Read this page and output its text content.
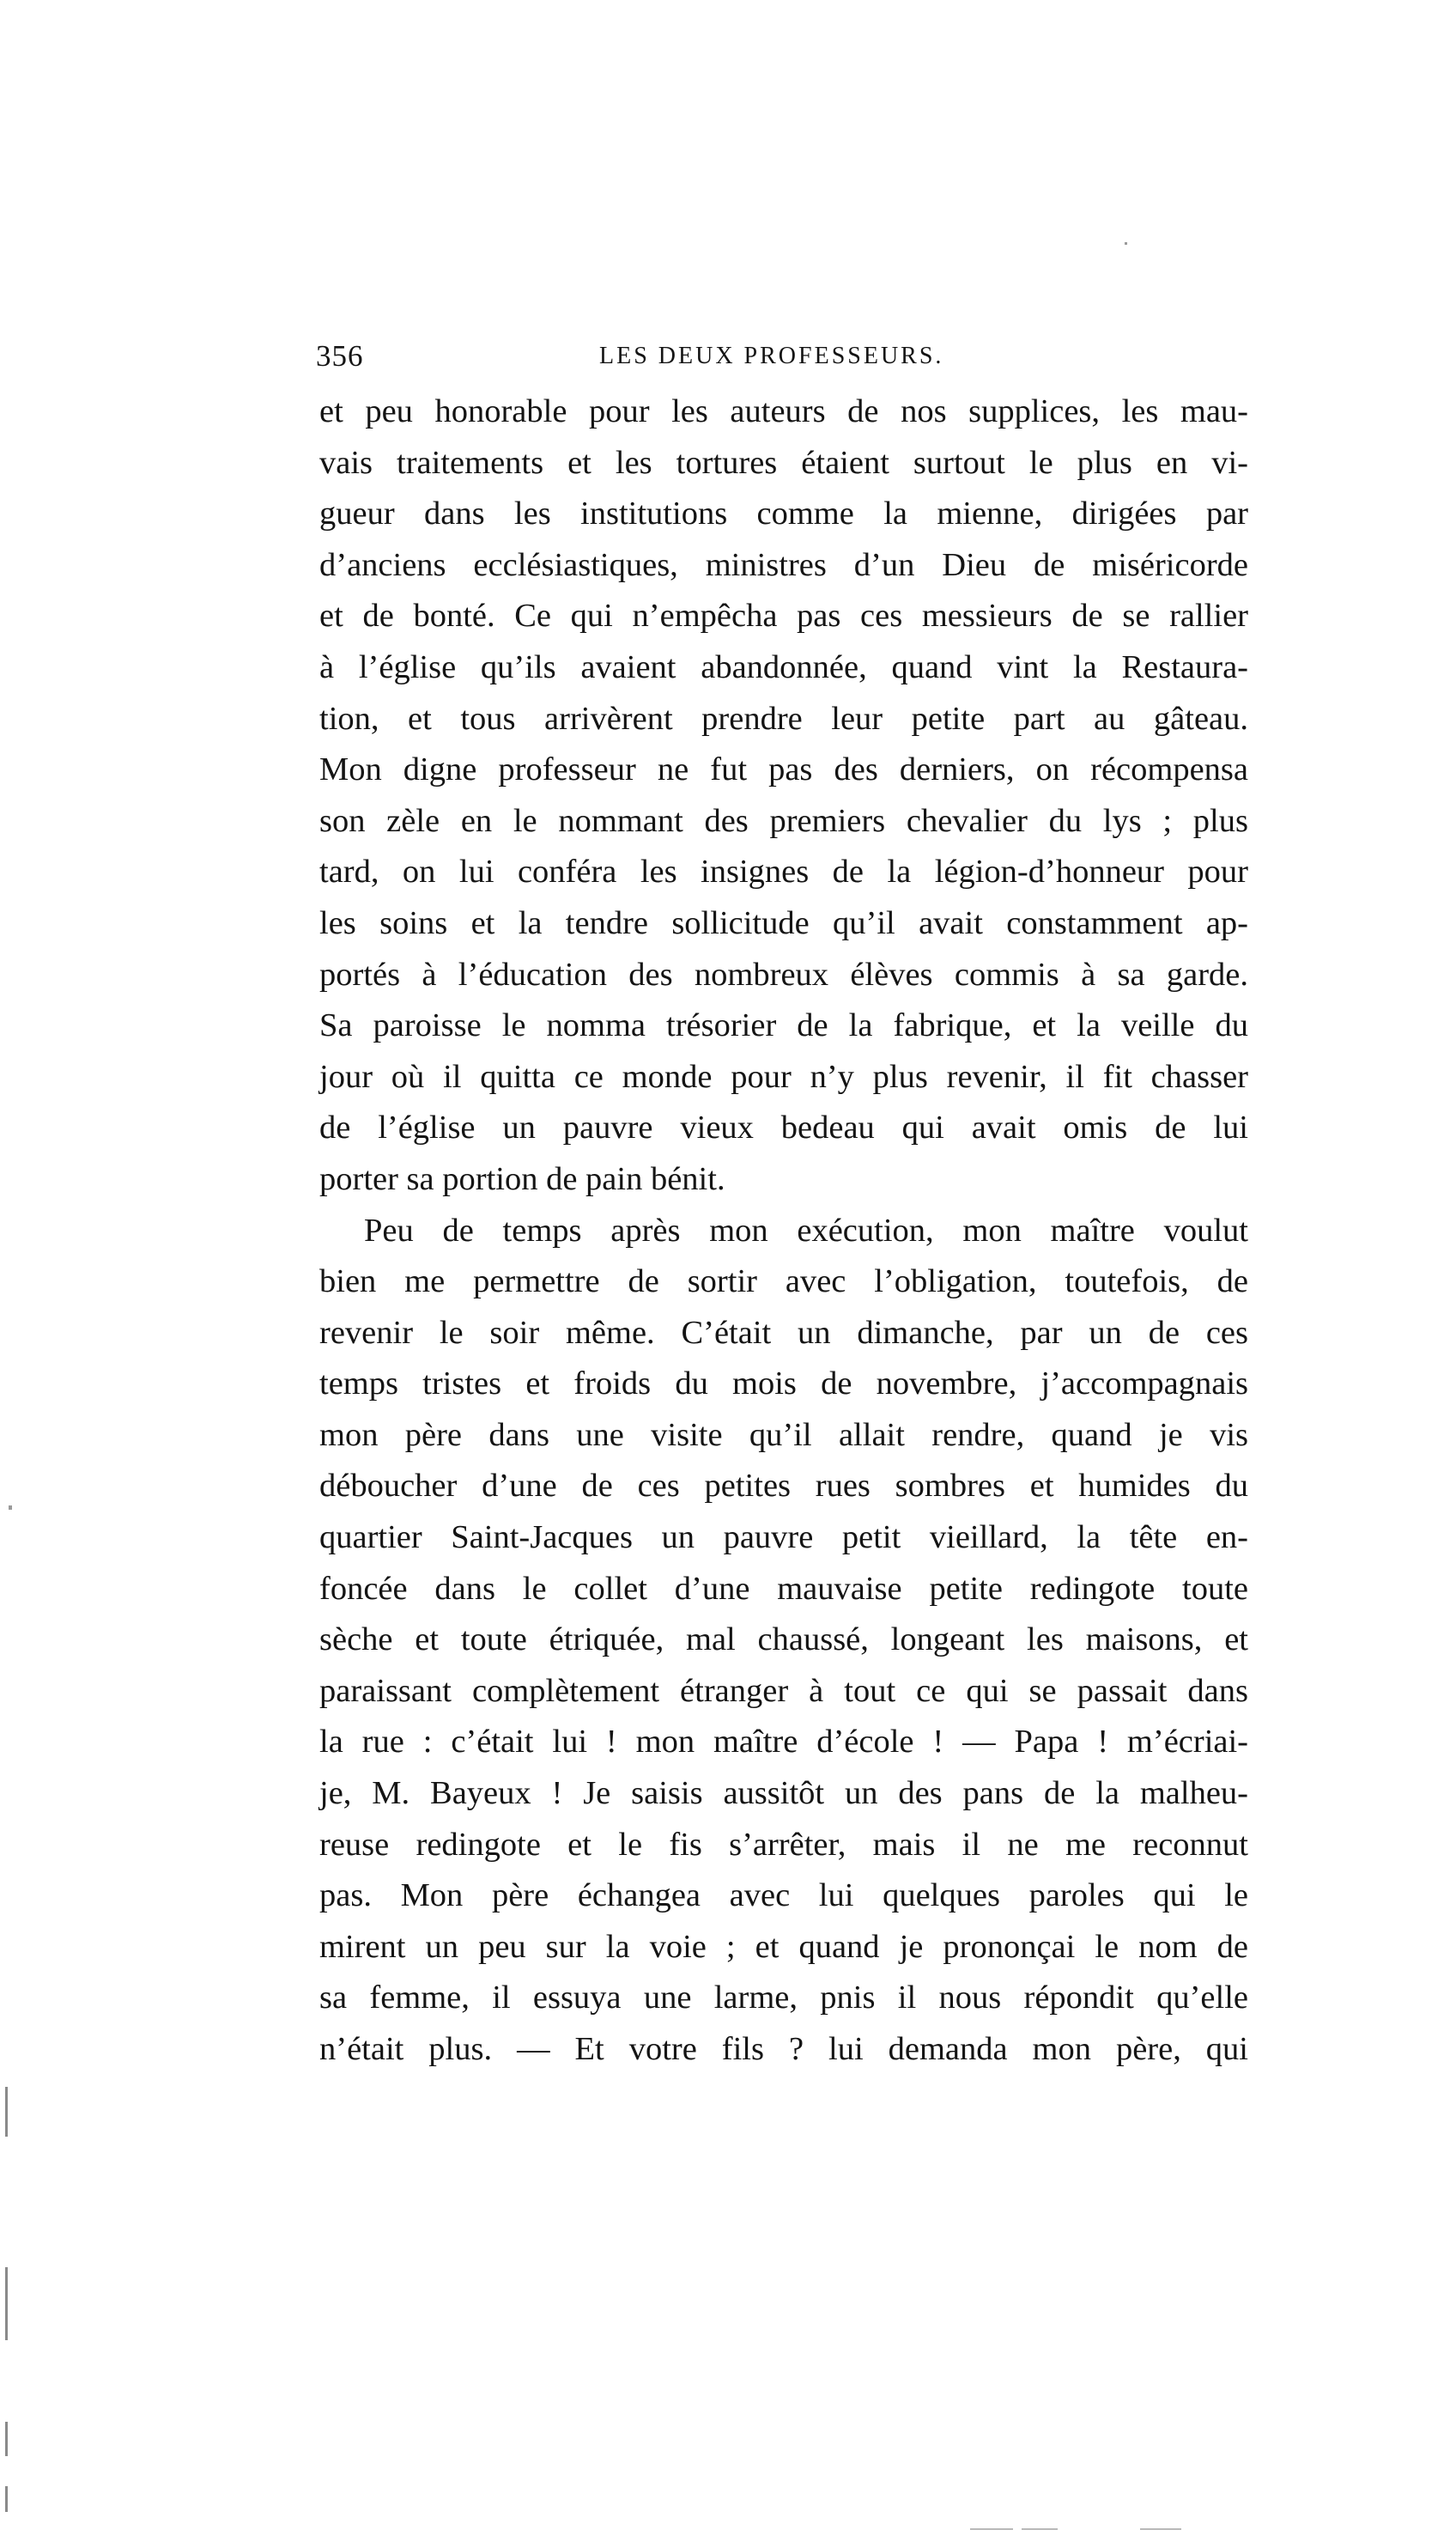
356	LES DEUX PROFESSEURS.
et peu honorable pour les auteurs de nos supplices, les mau-
vais traitements et les tortures étaient surtout le plus en vi-
gueur dans les institutions comme la mienne, dirigées par
d’anciens ecclésiastiques, ministres d’un Dieu de miséricorde
et de bonté. Ce qui n’empêcha pas ces messieurs de se rallier
à l’église qu’ils avaient abandonnée, quand vint la Restaura-
tion, et tous arrivèrent prendre leur petite part au gâteau.
Mon digne professeur ne fut pas des derniers, on récompensa
son zèle en le nommant des premiers chevalier du lys ; plus
tard, on lui conféra les insignes de la légion-d’honneur pour
les soins et la tendre sollicitude qu’il avait constamment ap-
portés à l’éducation des nombreux élèves commis à sa garde.
Sa paroisse le nomma trésorier de la fabrique, et la veille du
jour où il quitta ce monde pour n’y plus revenir, il fit chasser
de l’église un pauvre vieux bedeau qui avait omis de lui
porter sa portion de pain bénit.
Peu de temps après mon exécution, mon maître voulut
bien me permettre de sortir avec l’obligation, toutefois, de
revenir le soir même. C’était un dimanche, par un de ces
temps tristes et froids du mois de novembre, j’accompagnais
mon père dans une visite qu’il allait rendre, quand je vis
déboucher d’une de ces petites rues sombres et humides du
quartier Saint-Jacques un pauvre petit vieillard, la tête en-
foncée dans le collet d’une mauvaise petite redingote toute
sèche et toute étriquée, mal chaussé, longeant les maisons, et
paraissant complètement étranger à tout ce qui se passait dans
la rue : c’était lui ! mon maître d’école ! — Papa ! m’écriai-
je, M. Bayeux ! Je saisis aussitôt un des pans de la malheu-
reuse redingote et le fis s’arrêter, mais il ne me reconnut
pas. Mon père échangea avec lui quelques paroles qui le
mirent un peu sur la voie ; et quand je prononçai le nom de
sa femme, il essuya une larme, pnis il nous répondit qu’elle
n’était plus. — Et votre fils ? lui demanda mon père, qui
